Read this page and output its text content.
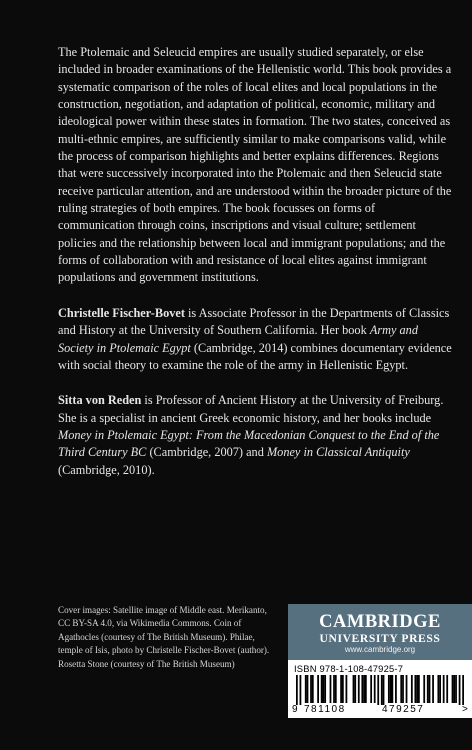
The Ptolemaic and Seleucid empires are usually studied separately, or else included in broader examinations of the Hellenistic world. This book provides a systematic comparison of the roles of local elites and local populations in the construction, negotiation, and adaptation of political, economic, military and ideological power within these states in formation. The two states, conceived as multi-ethnic empires, are sufficiently similar to make comparisons valid, while the process of comparison highlights and better explains differences. Regions that were successively incorporated into the Ptolemaic and then Seleucid state receive particular attention, and are understood within the broader picture of the ruling strategies of both empires. The book focusses on forms of communication through coins, inscriptions and visual culture; settlement policies and the relationship between local and immigrant populations; and the forms of collaboration with and resistance of local elites against immigrant populations and government institutions.

Christelle Fischer-Bovet is Associate Professor in the Departments of Classics and History at the University of Southern California. Her book Army and Society in Ptolemaic Egypt (Cambridge, 2014) combines documentary evidence with social theory to examine the role of the army in Hellenistic Egypt.

Sitta von Reden is Professor of Ancient History at the University of Freiburg. She is a specialist in ancient Greek economic history, and her books include Money in Ptolemaic Egypt: From the Macedonian Conquest to the End of the Third Century BC (Cambridge, 2007) and Money in Classical Antiquity (Cambridge, 2010).

Cover images: Satellite image of Middle east. Merikanto, CC BY-SA 4.0, via Wikimedia Commons. Coin of Agathocles (courtesy of The British Museum). Philae, temple of Isis, photo by Christelle Fischer-Bovet (author). Rosetta Stone (courtesy of The British Museum)
CAMBRIDGE
UNIVERSITY PRESS
www.cambridge.org
ISBN 978-1-108-47925-7
9 781108	479257	>
